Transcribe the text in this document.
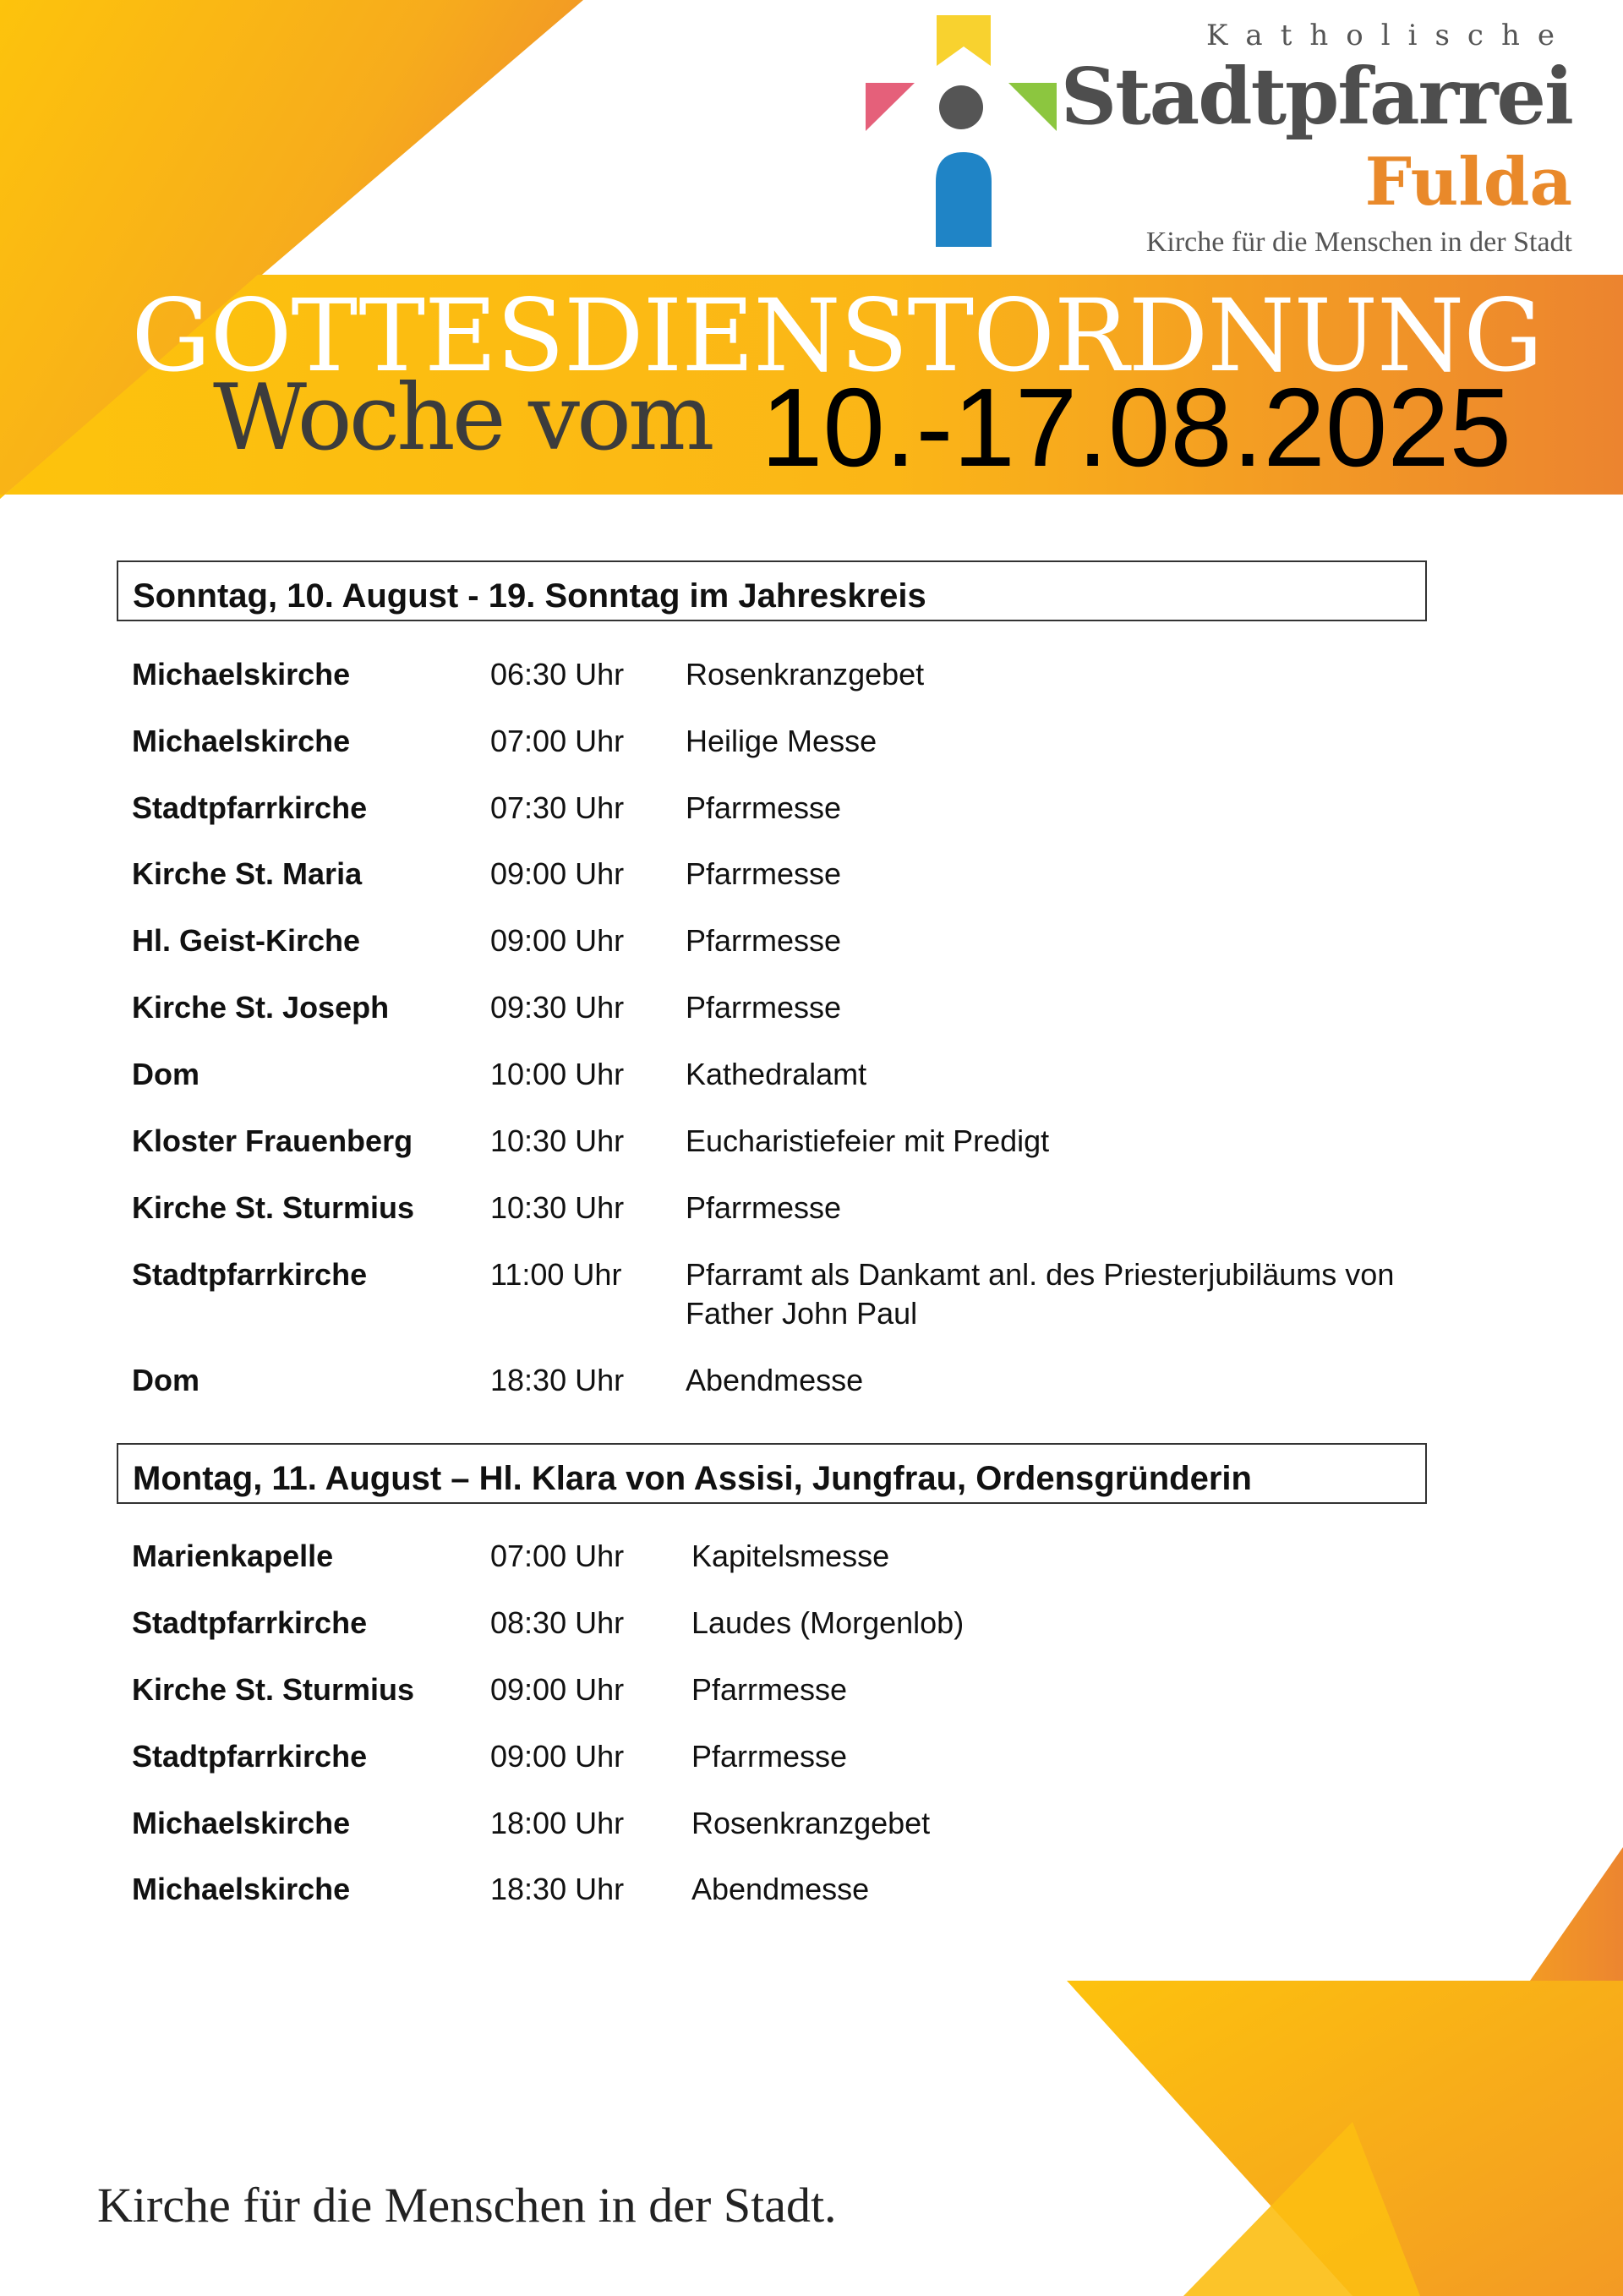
Katholische
Stadtpfarrei
Fulda
Kirche für die Menschen in der Stadt
GOTTESDIENSTORDNUNG
Woche vom 10.-17.08.2025
Sonntag, 10. August - 19. Sonntag im Jahreskreis
Michaelskirche	06:30 Uhr Rosenkranzgebet
Michaelskirche	07:00 Uhr Heilige Messe
Stadtpfarrkirche	07:30 Uhr Pfarrmesse
Kirche St. Maria	09:00 Uhr Pfarrmesse
Hl. Geist-Kirche	09:00 Uhr Pfarrmesse
Kirche St. Joseph	09:30 Uhr Pfarrmesse
Dom	10:00 Uhr Kathedralamt
Kloster Frauenberg	10:30 Uhr Eucharistiefeier mit Predigt
Kirche St. Sturmius 10:30 Uhr Pfarrmesse
Stadtpfarrkirche	11:00 Uhr Pfarramt als Dankamt anl. des Priesterjubiläums von Father John Paul
Dom	18:30 Uhr Abendmesse
Montag, 11. August – Hl. Klara von Assisi, Jungfrau, Ordensgründerin
Marienkapelle	07:00 Uhr Kapitelsmesse
Stadtpfarrkirche	08:30 Uhr Laudes (Morgenlob)
Kirche St. Sturmius 09:00 Uhr Pfarrmesse
Stadtpfarrkirche	09:00 Uhr Pfarrmesse
Michaelskirche	18:00 Uhr Rosenkranzgebet
Michaelskirche	18:30 Uhr Abendmesse
Kirche für die Menschen in der Stadt.
